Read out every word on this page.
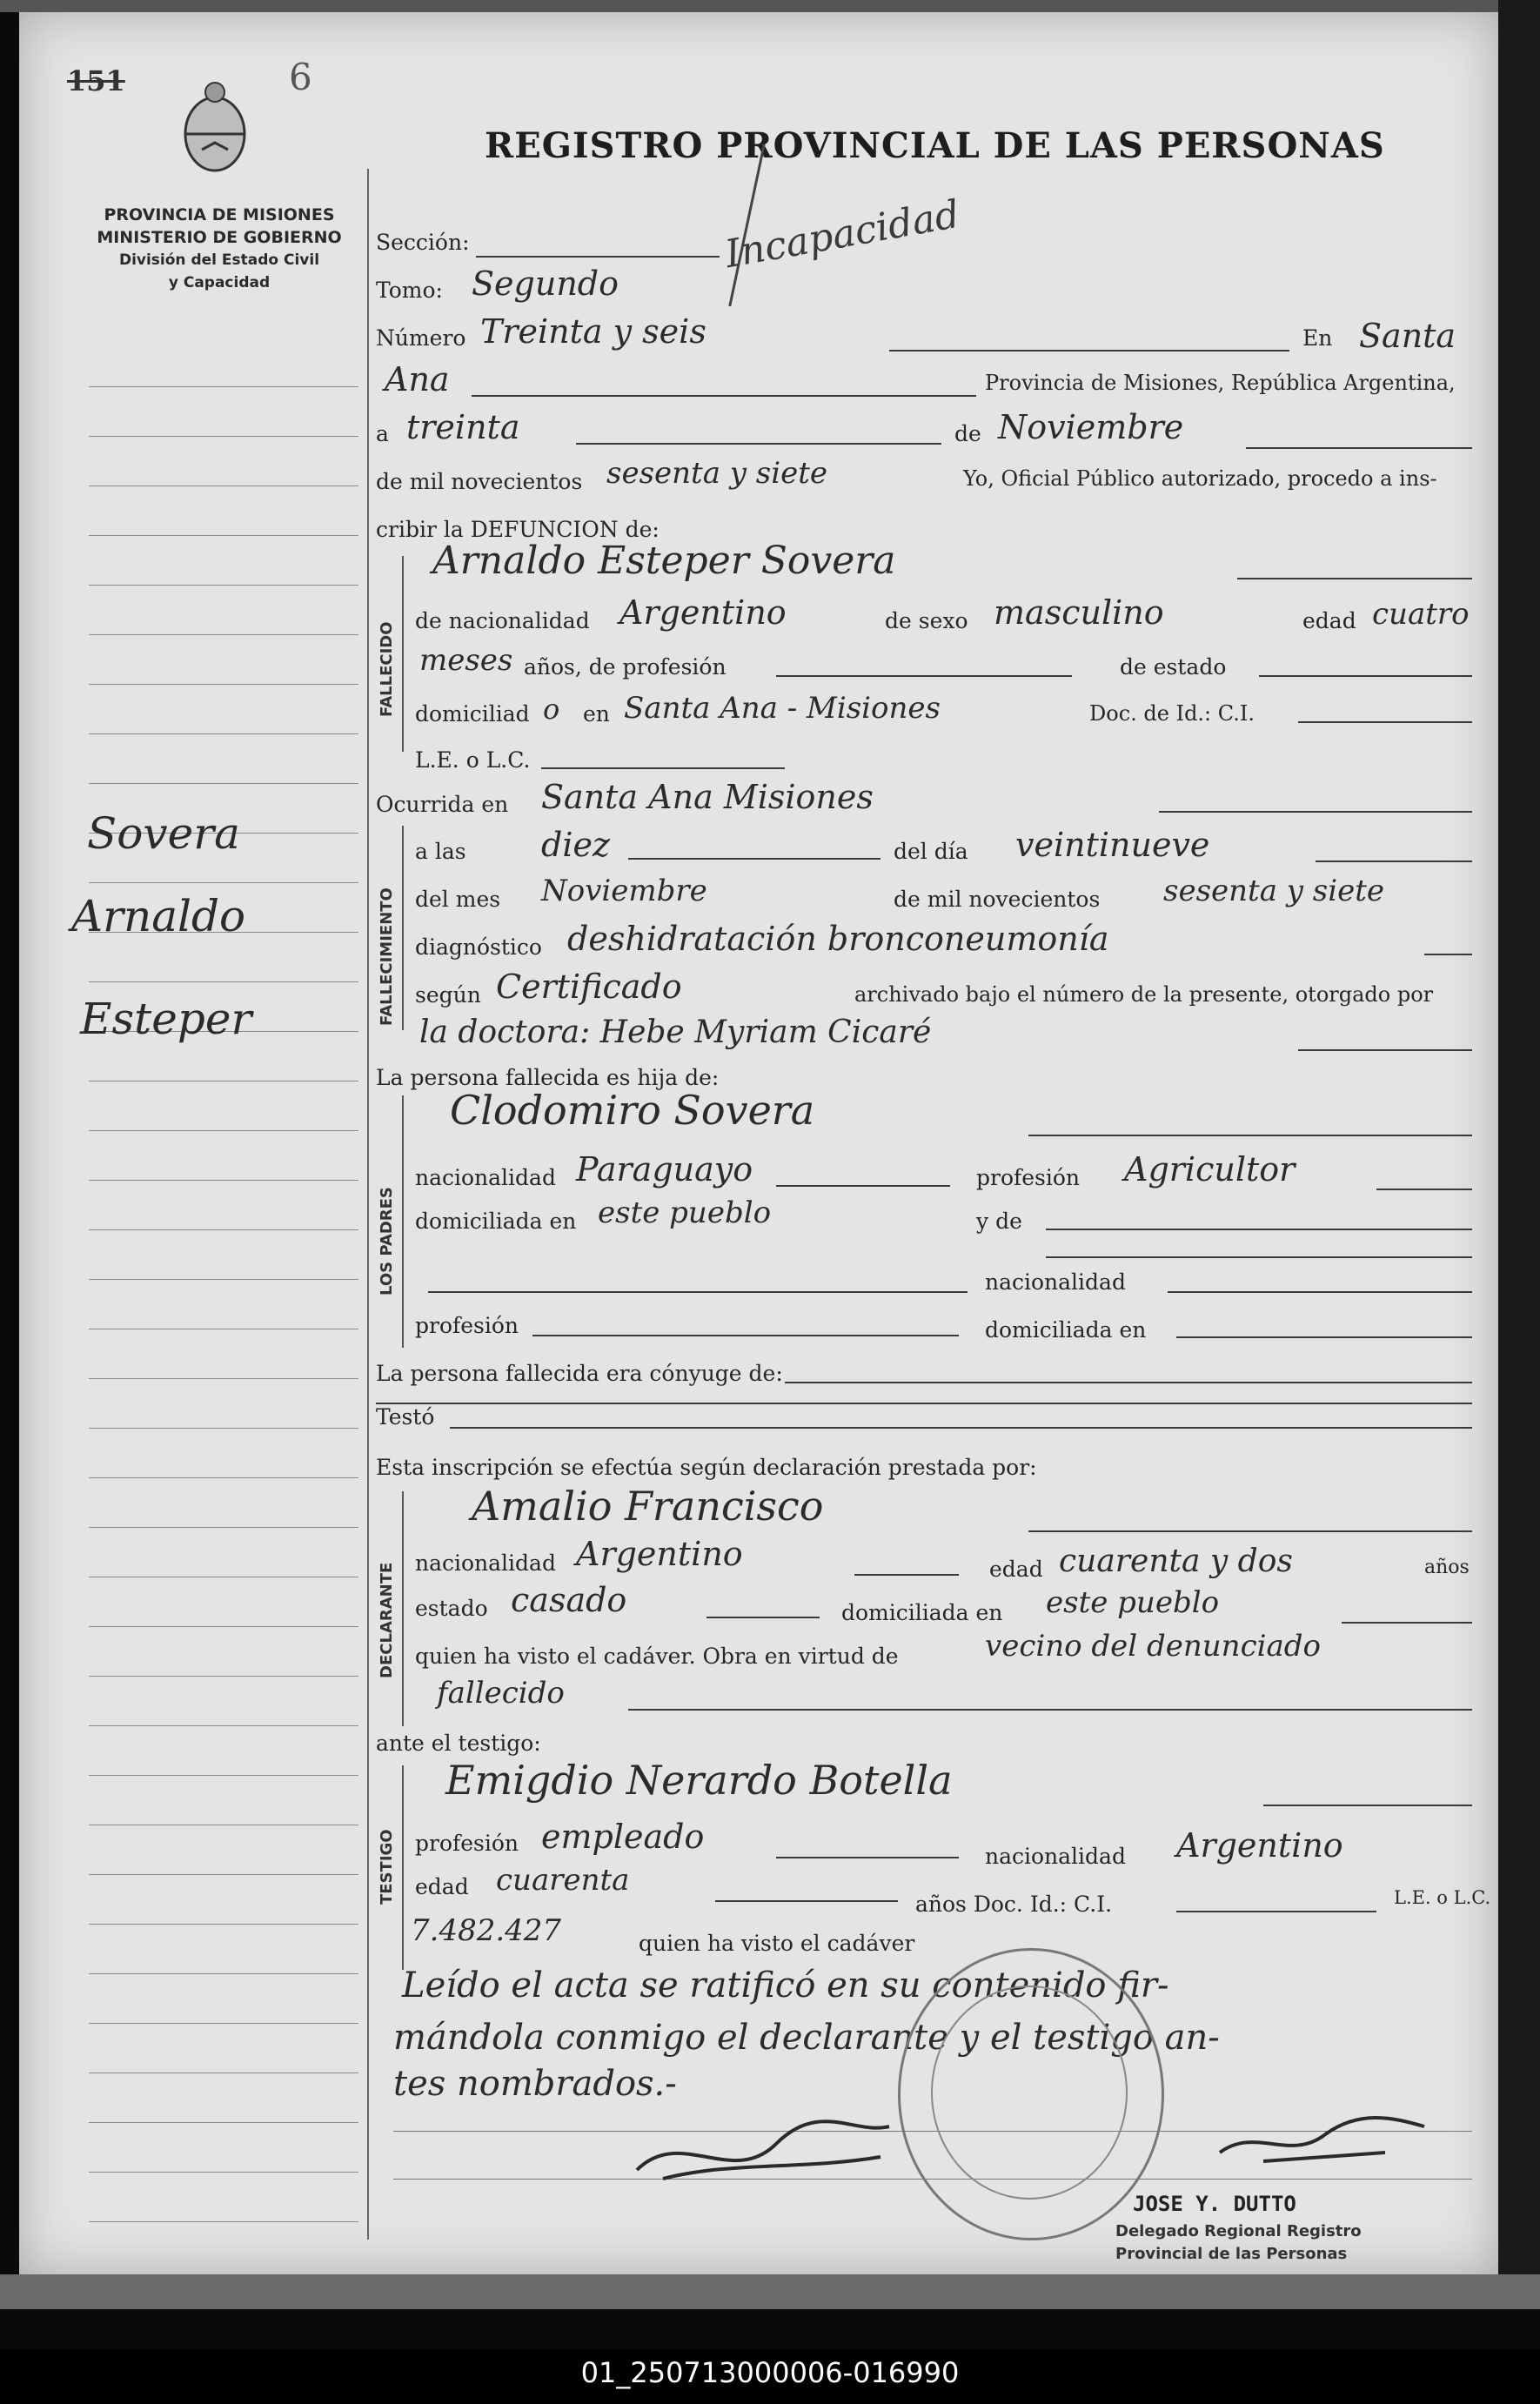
151	6
PROVINCIA DE MISIONES
MINISTERIO DE GOBIERNO
División del Estado Civil
y Capacidad
REGISTRO PROVINCIAL DE LAS PERSONAS
Incapacidad
Sovera
Arnaldo
Esteper
Sección:
Tomo: Segundo
Número Treinta y seis	En Santa
Ana	Provincia de Misiones, República Argentina,
a treinta	de Noviembre
de mil novecientos sesenta y siete	Yo, Oficial Público autorizado, procedo a ins-
cribir la DEFUNCION de:
FALLECIDO
Arnaldo Esteper Sovera
de nacionalidad Argentino	de sexo masculino	edad cuatro
meses años, de profesión	de estado
domiciliad o en Santa Ana - Misiones	Doc. de Id.: C.I.
L.E. o L.C.
Ocurrida en Santa Ana Misiones
FALLECIMIENTO
a las diez	del día veintinueve
del mes Noviembre	de mil novecientos sesenta y siete
diagnóstico deshidratación bronconeumonía
según Certificado	archivado bajo el número de la presente, otorgado por
la doctora: Hebe Myriam Cicaré
La persona fallecida es hija de:
LOS PADRES
Clodomiro Sovera
nacionalidad Paraguayo	profesión Agricultor
domiciliada en este pueblo	y de
nacionalidad
profesión	domiciliada en
La persona fallecida era cónyuge de:
Testó
Esta inscripción se efectúa según declaración prestada por:
DECLARANTE
Amalio Francisco
nacionalidad Argentino	edad cuarenta y dos	años
estado casado	domiciliada en este pueblo
quien ha visto el cadáver. Obra en virtud de	vecino del denunciado
fallecido
ante el testigo:
TESTIGO
Emigdio Nerardo Botella
profesión empleado
nacionalidad Argentino
edad cuarenta
años Doc. Id.: C.I.	L.E. o L.C.
7.482.427	quien ha visto el cadáver
Leído el acta se ratificó en su contenido fir-
mándola conmigo el declarante y el testigo an-
tes nombrados.-
JOSE Y. DUTTO
Delegado Regional Registro
Provincial de las Personas
01_250713000006-016990
